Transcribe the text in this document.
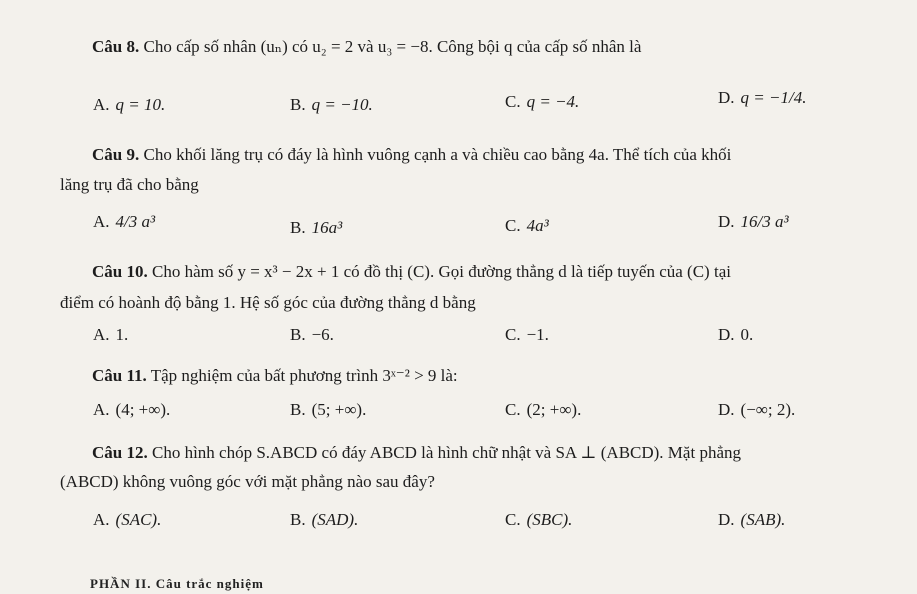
Câu 8. Cho cấp số nhân (uₙ) có u₂ = 2 và u₃ = −8. Công bội q của cấp số nhân là
A. q = 10.	B. q = −10.	C. q = −4.	D. q = −1/4.
Câu 9. Cho khối lăng trụ có đáy là hình vuông cạnh a và chiều cao bằng 4a. Thể tích của khối
lăng trụ đã cho bằng
A. 4/3 a³	B. 16a³	C. 4a³	D. 16/3 a³
Câu 10. Cho hàm số y = x³ − 2x + 1 có đồ thị (C). Gọi đường thẳng d là tiếp tuyến của (C) tại
điểm có hoành độ bằng 1. Hệ số góc của đường thẳng d bằng
A. 1.	B. −6.	C. −1.	D. 0.
Câu 11. Tập nghiệm của bất phương trình 3ˣ⁻² > 9 là:
A. (4; +∞).	B. (5; +∞).	C. (2; +∞).	D. (−∞; 2).
Câu 12. Cho hình chóp S.ABCD có đáy ABCD là hình chữ nhật và SA ⊥ (ABCD). Mặt phẳng
(ABCD) không vuông góc với mặt phẳng nào sau đây?
A. (SAC).	B. (SAD).	C. (SBC).	D. (SAB).
PHẦN II. Câu trắc nghiệm
